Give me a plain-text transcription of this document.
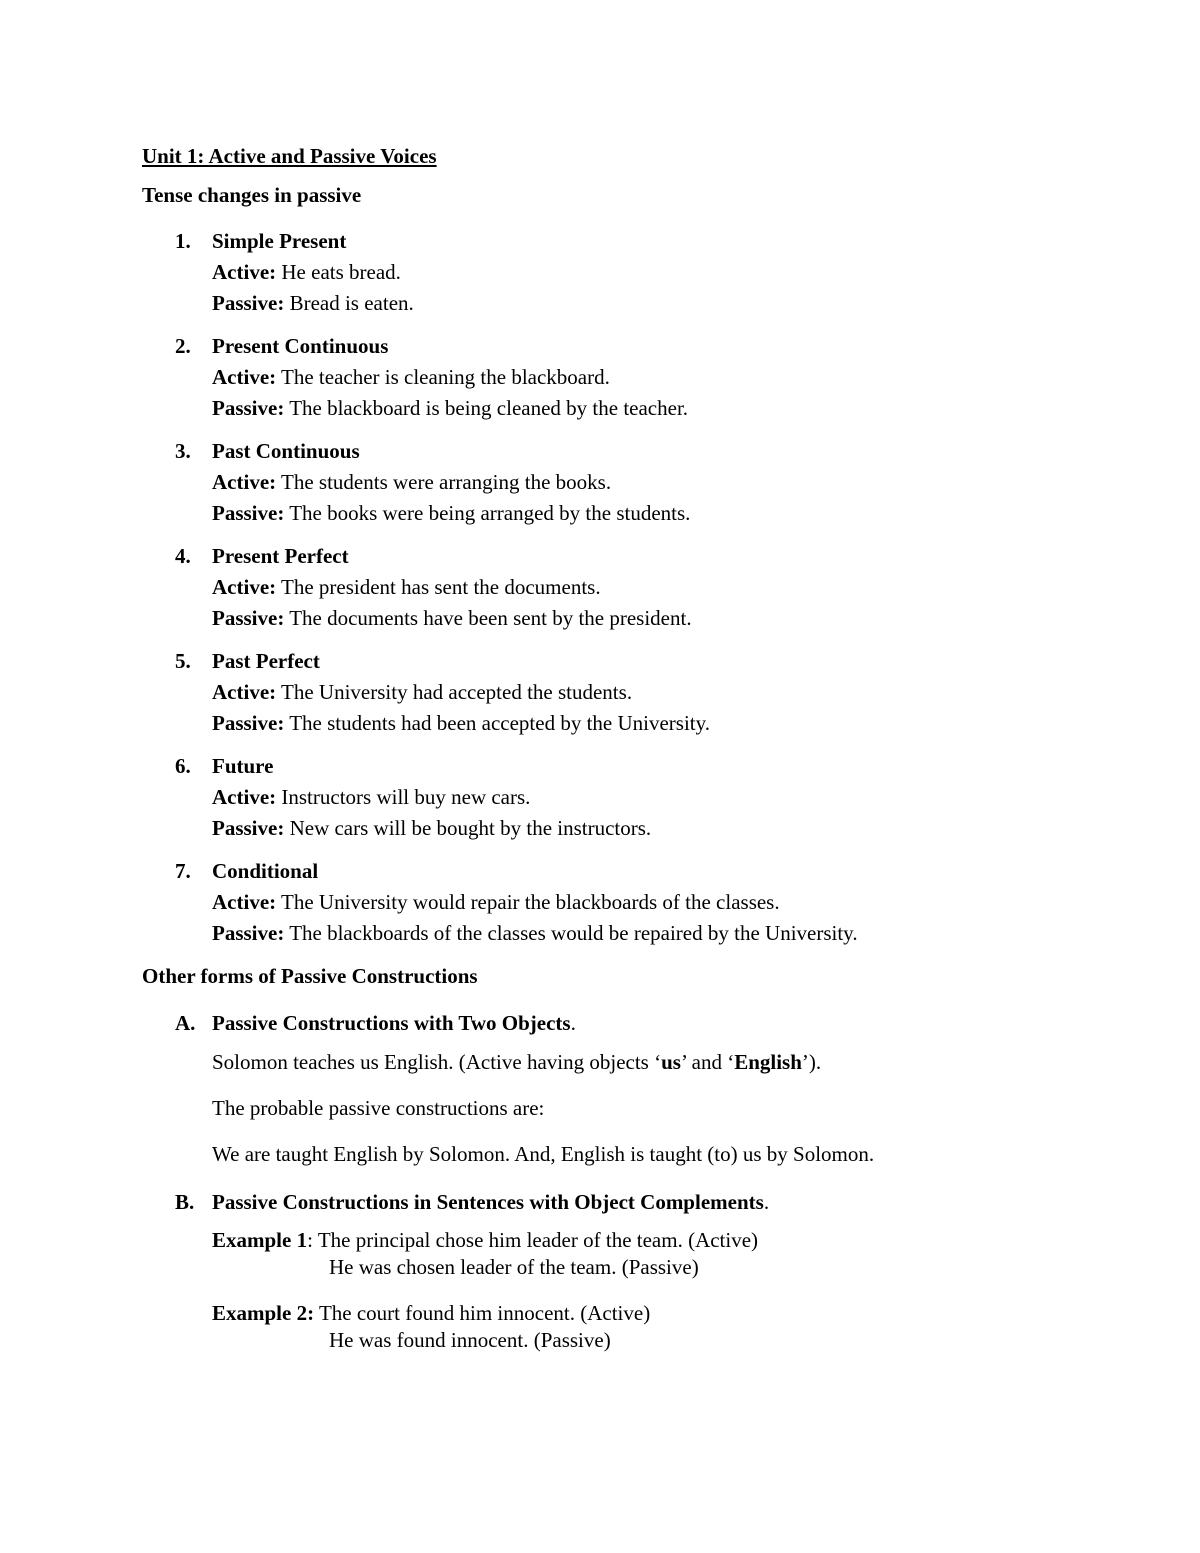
Unit 1: Active and Passive Voices
Tense changes in passive
1. Simple Present
Active: He eats bread.
Passive: Bread is eaten.
2. Present Continuous
Active: The teacher is cleaning the blackboard.
Passive: The blackboard is being cleaned by the teacher.
3. Past Continuous
Active: The students were arranging the books.
Passive: The books were being arranged by the students.
4. Present Perfect
Active: The president has sent the documents.
Passive: The documents have been sent by the president.
5. Past Perfect
Active: The University had accepted the students.
Passive: The students had been accepted by the University.
6. Future
Active: Instructors will buy new cars.
Passive: New cars will be bought by the instructors.
7. Conditional
Active: The University would repair the blackboards of the classes.
Passive: The blackboards of the classes would be repaired by the University.
Other forms of Passive Constructions
A. Passive Constructions with Two Objects.
Solomon teaches us English. (Active having objects ‘us’ and ‘English’).
The probable passive constructions are:
We are taught English by Solomon. And, English is taught (to) us by Solomon.
B. Passive Constructions in Sentences with Object Complements.
Example 1: The principal chose him leader of the team. (Active)
He was chosen leader of the team. (Passive)
Example 2: The court found him innocent. (Active)
He was found innocent. (Passive)
